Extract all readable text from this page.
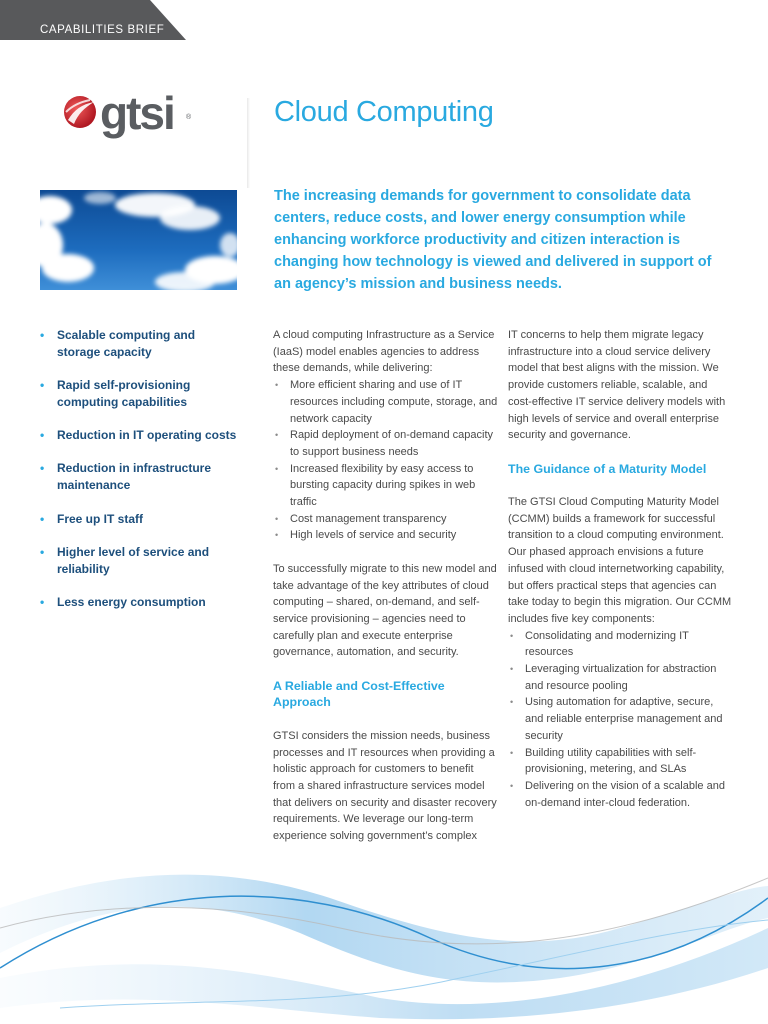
CAPABILITIES BRIEF
gtsi ®	Cloud Computing

The increasing demands for government to consolidate data centers, reduce costs, and lower energy consumption while enhancing workforce productivity and citizen interaction is changing how technology is viewed and delivered in support of an agency’s mission and business needs.

• Scalable computing and storage capacity
• Rapid self-provisioning computing capabilities
• Reduction in IT operating costs
• Reduction in infrastructure maintenance
• Free up IT staff
• Higher level of service and reliability
• Less energy consumption

A cloud computing Infrastructure as a Service (IaaS) model enables agencies to address these demands, while delivering:

• More efficient sharing and use of IT resources including compute, storage, and network capacity
• Rapid deployment of on-demand capacity to support business needs
• Increased flexibility by easy access to bursting capacity during spikes in web traffic
• Cost management transparency
• High levels of service and security

To successfully migrate to this new model and take advantage of the key attributes of cloud computing – shared, on-demand, and self-service provisioning – agencies need to carefully plan and execute enterprise governance, automation, and security.

A Reliable and Cost-Effective Approach

GTSI considers the mission needs, business processes and IT resources when providing a holistic approach for customers to benefit from a shared infrastructure services model that delivers on security and disaster recovery requirements. We leverage our long-term experience solving government’s complex

IT concerns to help them migrate legacy infrastructure into a cloud service delivery model that best aligns with the mission. We provide customers reliable, scalable, and cost-effective IT service delivery models with high levels of service and overall enterprise security and governance.

The Guidance of a Maturity Model

The GTSI Cloud Computing Maturity Model (CCMM) builds a framework for successful transition to a cloud computing environment. Our phased approach envisions a future infused with cloud internetworking capability, but offers practical steps that agencies can take today to begin this migration. Our CCMM includes five key components:

• Consolidating and modernizing IT resources
• Leveraging virtualization for abstraction and resource pooling
• Using automation for adaptive, secure, and reliable enterprise management and security
• Building utility capabilities with self-provisioning, metering, and SLAs
• Delivering on the vision of a scalable and on-demand inter-cloud federation.
